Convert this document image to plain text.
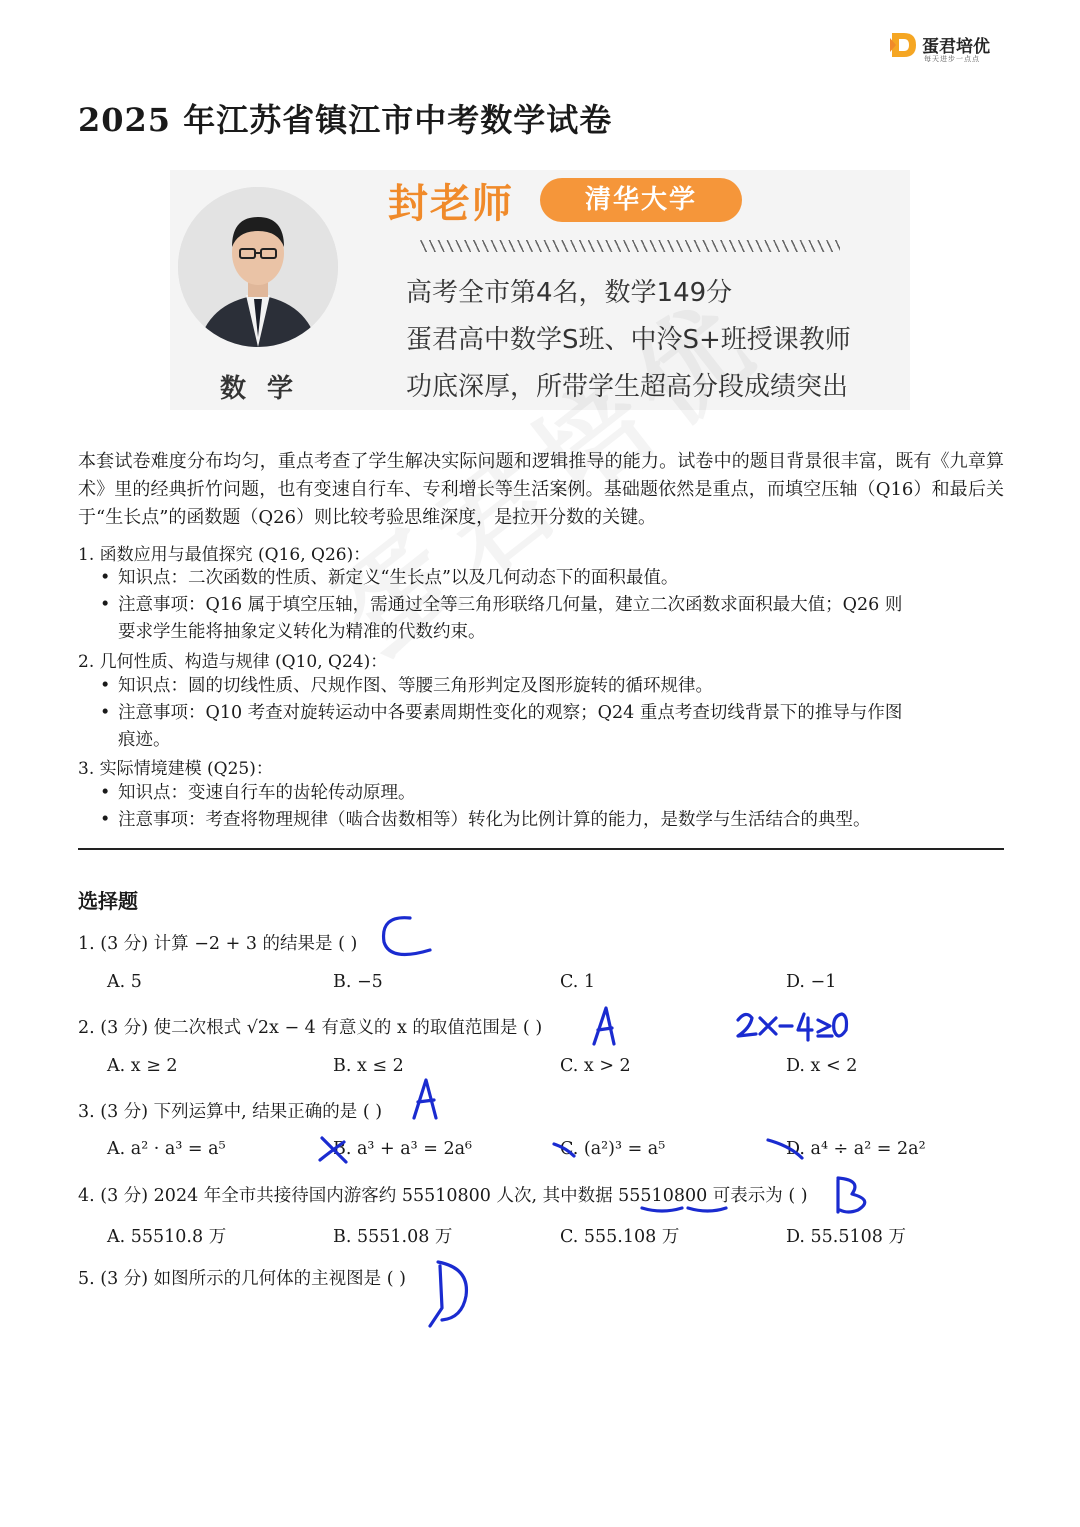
蛋君培优
每天进步一点点
2025 年江苏省镇江市中考数学试卷
数 学
封老师	清华大学
高考全市第4名，数学149分
蛋君高中数学S班、中泠S+班授课教师
功底深厚，所带学生超高分段成绩突出
本套试卷难度分布均匀，重点考查了学生解决实际问题和逻辑推导的能力。试卷中的题目背景很丰富，既有《九章算术》里的经典折竹问题，也有变速自行车、专利增长等生活案例。基础题依然是重点，而填空压轴（Q16）和最后关于“生长点”的函数题（Q26）则比较考验思维深度，是拉开分数的关键。
1. 函数应用与最值探究 (Q16, Q26)：
• 知识点：二次函数的性质、新定义“生长点”以及几何动态下的面积最值。
• 注意事项：Q16 属于填空压轴，需通过全等三角形联络几何量，建立二次函数求面积最大值；Q26 则
要求学生能将抽象定义转化为精准的代数约束。
2. 几何性质、构造与规律 (Q10, Q24)：
• 知识点：圆的切线性质、尺规作图、等腰三角形判定及图形旋转的循环规律。
• 注意事项：Q10 考查对旋转运动中各要素周期性变化的观察；Q24 重点考查切线背景下的推导与作图
痕迹。
3. 实际情境建模 (Q25)：
• 知识点：变速自行车的齿轮传动原理。
• 注意事项：考查将物理规律（啮合齿数相等）转化为比例计算的能力，是数学与生活结合的典型。
选择题
1. (3 分) 计算 −2 + 3 的结果是 ( )
A. 5	B. −5	C. 1	D. −1
2. (3 分) 使二次根式 √2x − 4 有意义的 x 的取值范围是 ( )
A. x ≥ 2	B. x ≤ 2	C. x > 2	D. x < 2
3. (3 分) 下列运算中, 结果正确的是 ( )
A. a² · a³ = a⁵	B. a³ + a³ = 2a⁶	C. (a²)³ = a⁵	D. a⁴ ÷ a² = 2a²
4. (3 分) 2024 年全市共接待国内游客约 55510800 人次, 其中数据 55510800 可表示为 ( )
A. 55510.8 万	B. 5551.08 万	C. 555.108 万	D. 55.5108 万
5. (3 分) 如图所示的几何体的主视图是 ( )
